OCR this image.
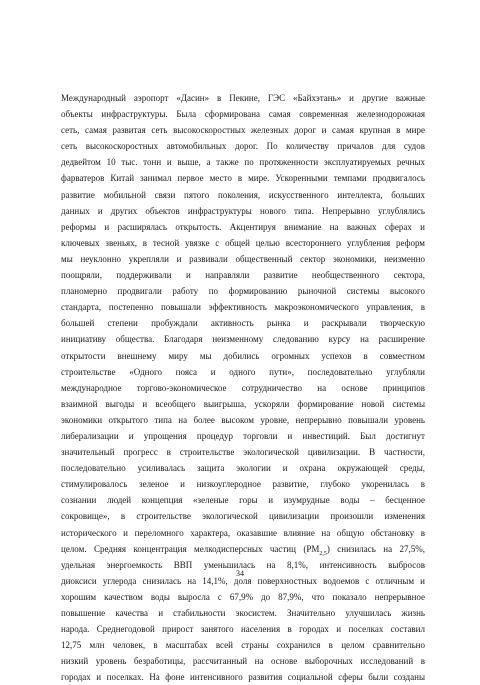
Международный аэропорт «Дасин» в Пекине, ГЭС «Байхэтань» и другие важные
объекты инфраструктуры. Была сформирована самая современная железнодорожная
сеть, самая развитая сеть высокоскоростных железных дорог и самая крупная в мире
сеть высокоскоростных автомобильных дорог. По количеству причалов для судов
дедвейтом 10 тыс. тонн и выше, а также по протяженности эксплуатируемых речных
фарватеров Китай занимал первое место в мире. Ускоренными темпами продвигалось
развитие мобильной связи пятого поколения, искусственного интеллекта, больших
данных и других объектов инфраструктуры нового типа. Непрерывно углублялись
реформы и расширялась открытость. Акцентируя внимание на важных сферах и
ключевых звеньях, в тесной увязке с общей целью всестороннего углубления реформ
мы неуклонно укрепляли и развивали общественный сектор экономики, неизменно
поощряли, поддерживали и направляли развитие необщественного сектора,
планомерно продвигали работу по формированию рыночной системы высокого
стандарта, постепенно повышали эффективность макроэкономического управления, в
большей степени пробуждали активность рынка и раскрывали творческую
инициативу общества. Благодаря неизменному следованию курсу на расширение
открытости внешнему миру мы добились огромных успехов в совместном
строительстве «Одного пояса и одного пути», последовательно углубляли
международное торгово-экономическое сотрудничество на основе принципов
взаимной выгоды и всеобщего выигрыша, ускоряли формирование новой системы
экономики открытого типа на более высоком уровне, непрерывно повышали уровень
либерализации и упрощения процедур торговли и инвестиций. Был достигнут
значительный прогресс в строительстве экологической цивилизации. В частности,
последовательно усиливалась защита экологии и охрана окружающей среды,
стимулировалось зеленое и низкоуглеродное развитие, глубоко укоренилась в
сознании людей концепция «зеленые горы и изумрудные воды – бесценное
сокровище», в строительстве экологической цивилизации произошли изменения
исторического и переломного характера, оказавшие влияние на общую обстановку в
целом. Средняя концентрация мелкодисперсных частиц $(PM_{2,5})$ снизилась на 27,5%,
удельная энергоемкость ВВП уменьшилась на 8,1%, интенсивность выбросов
диоксиси углерода снизилась на 14,1%, доля поверхностных водоемов с отличным и
хорошим качеством воды выросла с 67,9% до 87,9%, что показало непрерывное
повышение качества и стабильности экосистем. Значительно улучшилась жизнь
народа. Среднегодовой прирост занятого населения в городах и поселках составил
12,75 млн человек, в масштабах всей страны сохранился в целом сравнительно
низкий уровень безработицы, рассчитанный на основе выборочных исследований в
городах и поселках. На фоне интенсивного развития социальной сферы были созданы
34
